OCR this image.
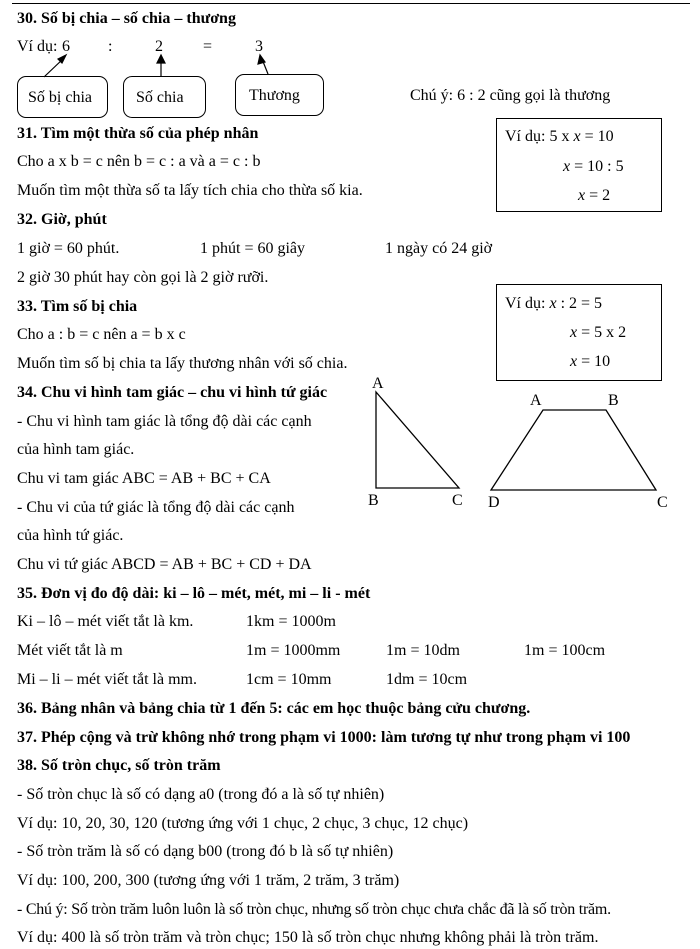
30. Số bị chia – số chia – thương
Ví dụ: 6 :	2	=	3
Số bị chia	Số chia	Thương	Chú ý: 6 : 2 cũng gọi là thương
31. Tìm một thừa số của phép nhân
Cho a x b = c nên b = c : a và a = c : b
Muốn tìm một thừa số ta lấy tích chia cho thừa số kia.
Ví dụ: 5 x x = 10
x = 10 : 5
x = 2
32. Giờ, phút
1 giờ = 60 phút.	1 phút = 60 giây	1 ngày có 24 giờ
2 giờ 30 phút hay còn gọi là 2 giờ rưỡi.
33. Tìm số bị chia
Cho a : b = c nên a = b x c
Muốn tìm số bị chia ta lấy thương nhân với số chia.
Ví dụ: x : 2 = 5
x = 5 x 2
x = 10
34. Chu vi hình tam giác – chu vi hình tứ giác
- Chu vi hình tam giác là tổng độ dài các cạnh
của hình tam giác.
Chu vi tam giác ABC = AB + BC + CA
- Chu vi của tứ giác là tổng độ dài các cạnh
của hình tứ giác.
Chu vi tứ giác ABCD = AB + BC + CD + DA
35. Đơn vị đo độ dài: ki – lô – mét, mét, mi – li - mét
Ki – lô – mét viết tắt là km.	1km = 1000m
Mét viết tắt là m	1m = 1000mm	1m = 10dm	1m = 100cm
Mi – li – mét viết tắt là mm.	1cm = 10mm	1dm = 10cm
36. Bảng nhân và bảng chia từ 1 đến 5: các em học thuộc bảng cửu chương.
37. Phép cộng và trừ không nhớ trong phạm vi 1000: làm tương tự như trong phạm vi 100
38. Số tròn chục, số tròn trăm
- Số tròn chục là số có dạng a0 (trong đó a là số tự nhiên)
Ví dụ: 10, 20, 30, 120 (tương ứng với 1 chục, 2 chục, 3 chục, 12 chục)
- Số tròn trăm là số có dạng b00 (trong đó b là số tự nhiên)
Ví dụ: 100, 200, 300 (tương ứng với 1 trăm, 2 trăm, 3 trăm)
- Chú ý: Số tròn trăm luôn luôn là số tròn chục, nhưng số tròn chục chưa chắc đã là số tròn trăm.
Ví dụ: 400 là số tròn trăm và tròn chục; 150 là số tròn chục nhưng không phải là tròn trăm.
A
B	C
A	B
C
D
